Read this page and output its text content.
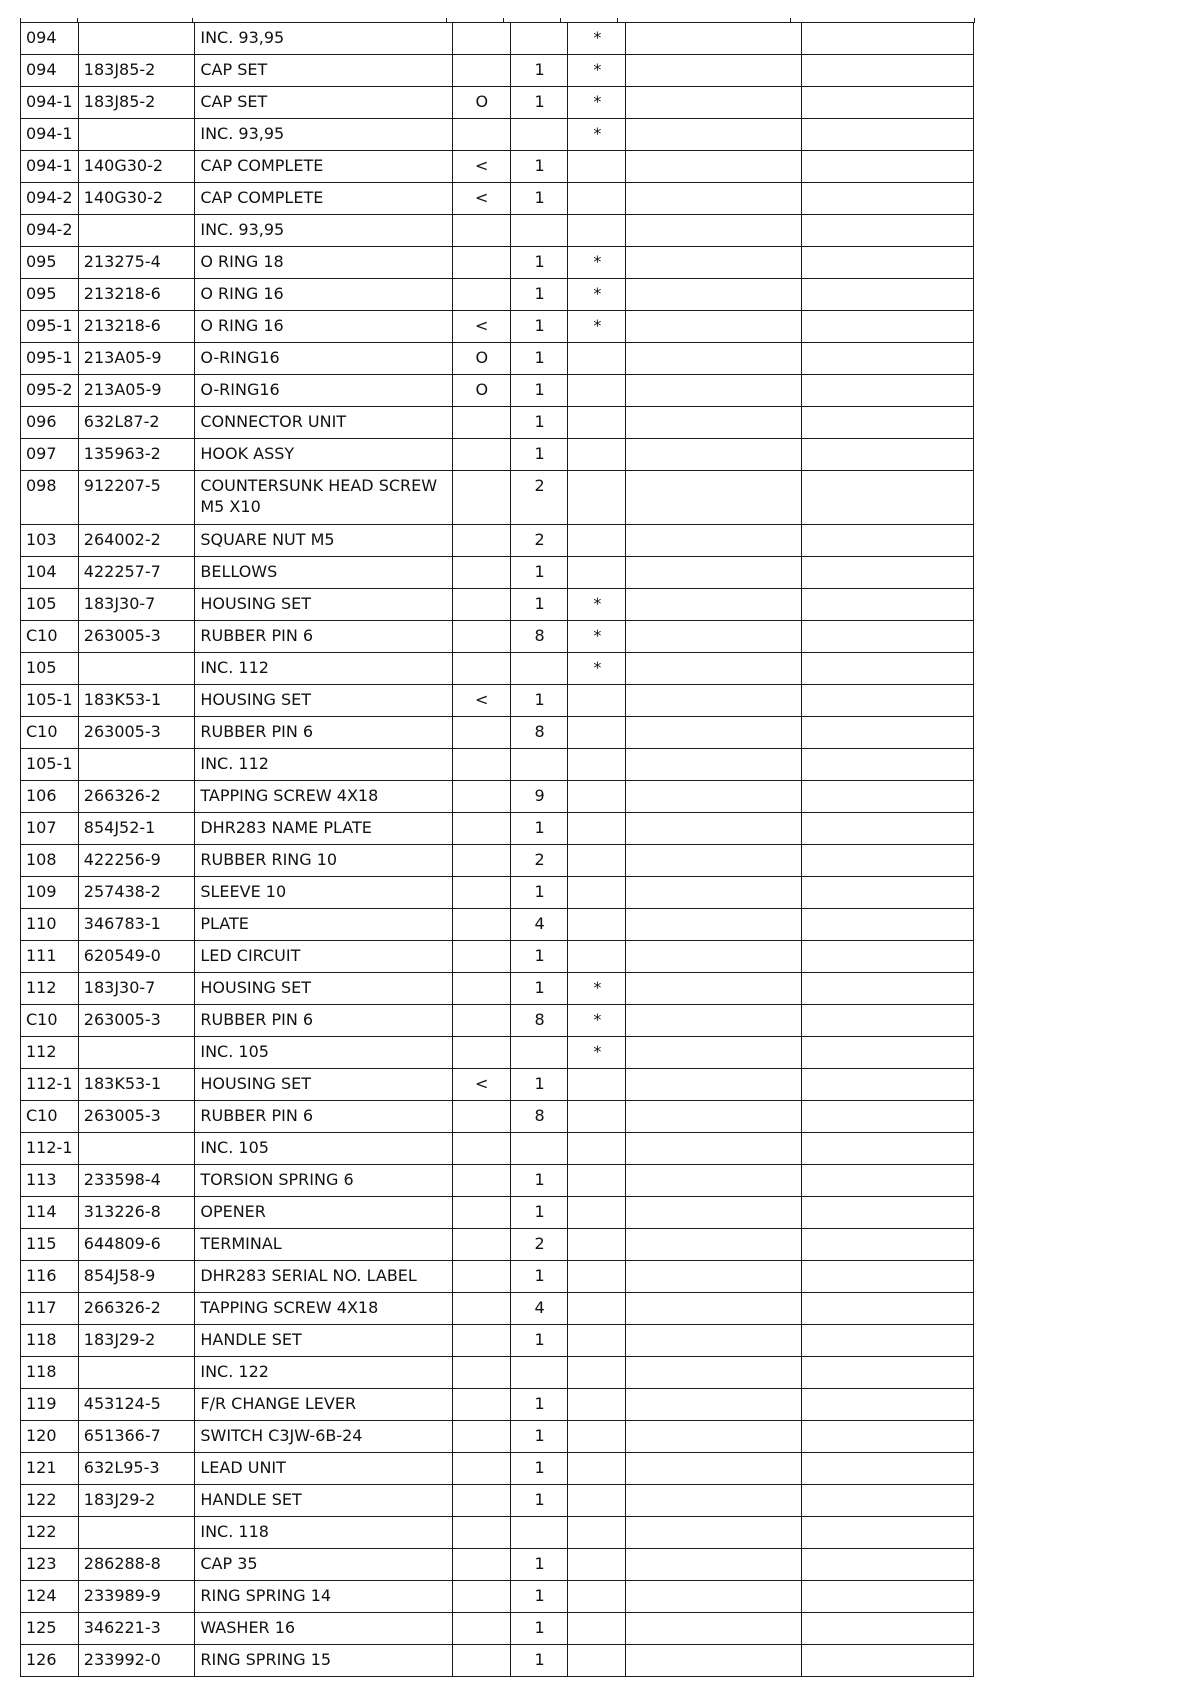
094		INC. 93,95			*		
094	183J85-2	CAP SET		1	*		
094-1	183J85-2	CAP SET	O	1	*		
094-1		INC. 93,95			*		
094-1	140G30-2	CAP COMPLETE	<	1			
094-2	140G30-2	CAP COMPLETE	<	1			
094-2		INC. 93,95					
095	213275-4	O RING 18		1	*		
095	213218-6	O RING 16		1	*		
095-1	213218-6	O RING 16	<	1	*		
095-1	213A05-9	O-RING16	O	1			
095-2	213A05-9	O-RING16	O	1			
096	632L87-2	CONNECTOR UNIT		1			
097	135963-2	HOOK ASSY		1			
098	912207-5	COUNTERSUNK HEAD SCREW M5 X10		2			
103	264002-2	SQUARE NUT M5		2			
104	422257-7	BELLOWS		1			
105	183J30-7	HOUSING SET		1	*		
C10	263005-3	RUBBER PIN 6		8	*		
105		INC. 112			*		
105-1	183K53-1	HOUSING SET	<	1			
C10	263005-3	RUBBER PIN 6		8			
105-1		INC. 112					
106	266326-2	TAPPING SCREW 4X18		9			
107	854J52-1	DHR283 NAME PLATE		1			
108	422256-9	RUBBER RING 10		2			
109	257438-2	SLEEVE 10		1			
110	346783-1	PLATE		4			
111	620549-0	LED CIRCUIT		1			
112	183J30-7	HOUSING SET		1	*		
C10	263005-3	RUBBER PIN 6		8	*		
112		INC. 105			*		
112-1	183K53-1	HOUSING SET	<	1			
C10	263005-3	RUBBER PIN 6		8			
112-1		INC. 105					
113	233598-4	TORSION SPRING 6		1			
114	313226-8	OPENER		1			
115	644809-6	TERMINAL		2			
116	854J58-9	DHR283 SERIAL NO. LABEL		1			
117	266326-2	TAPPING SCREW 4X18		4			
118	183J29-2	HANDLE SET		1			
118		INC. 122					
119	453124-5	F/R CHANGE LEVER		1			
120	651366-7	SWITCH C3JW-6B-24		1			
121	632L95-3	LEAD UNIT		1			
122	183J29-2	HANDLE SET		1			
122		INC. 118					
123	286288-8	CAP 35		1			
124	233989-9	RING SPRING 14		1			
125	346221-3	WASHER 16		1			
126	233992-0	RING SPRING 15		1			
